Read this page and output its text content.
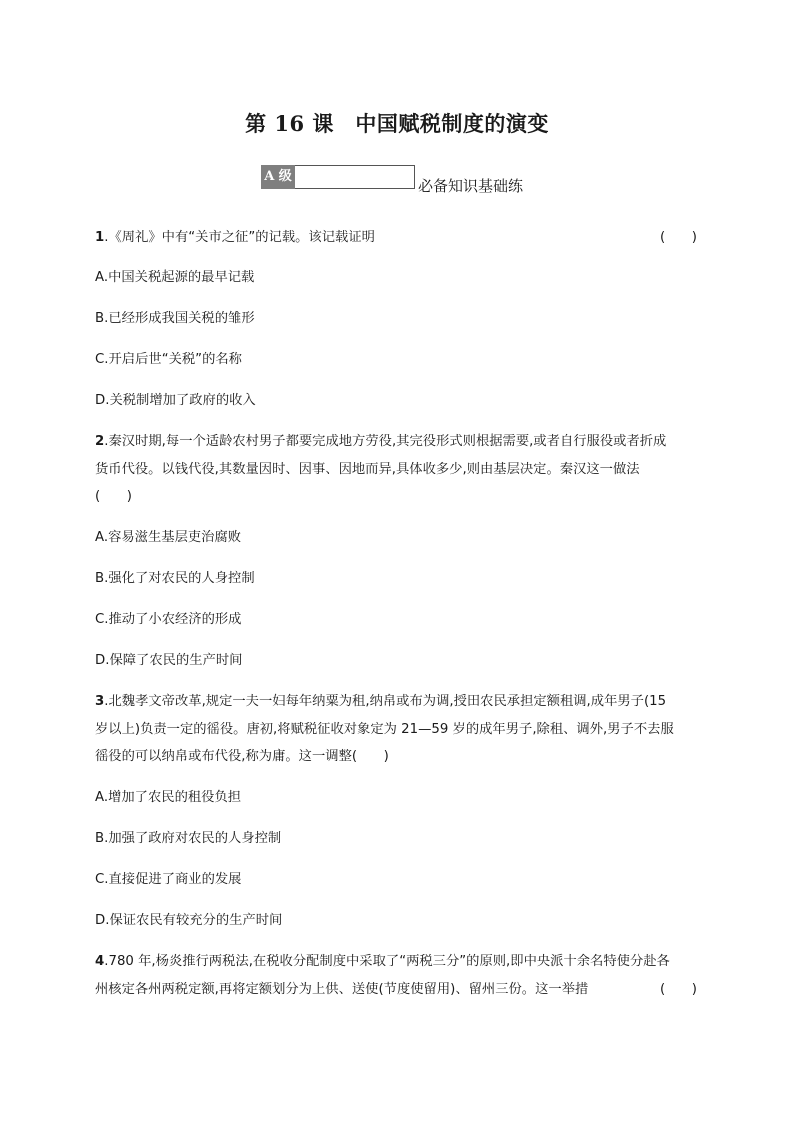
第 16 课　中国赋税制度的演变
A 级
必备知识基础练
1.《周礼》中有“关市之征”的记载。该记载证明	(　　)
A.中国关税起源的最早记载
B.已经形成我国关税的雏形
C.开启后世“关税”的名称
D.关税制增加了政府的收入
2.秦汉时期,每一个适龄农村男子都要完成地方劳役,其完役形式则根据需要,或者自行服役或者折成
货币代役。以钱代役,其数量因时、因事、因地而异,具体收多少,则由基层决定。秦汉这一做法
(　　)
A.容易滋生基层吏治腐败
B.强化了对农民的人身控制
C.推动了小农经济的形成
D.保障了农民的生产时间
3.北魏孝文帝改革,规定一夫一妇每年纳粟为租,纳帛或布为调,授田农民承担定额租调,成年男子(15
岁以上)负责一定的徭役。唐初,将赋税征收对象定为 21—59 岁的成年男子,除租、调外,男子不去服
徭役的可以纳帛或布代役,称为庸。这一调整(　　)
A.增加了农民的租役负担
B.加强了政府对农民的人身控制
C.直接促进了商业的发展
D.保证农民有较充分的生产时间
4.780 年,杨炎推行两税法,在税收分配制度中采取了“两税三分”的原则,即中央派十余名特使分赴各
州核定各州两税定额,再将定额划分为上供、送使(节度使留用)、留州三份。这一举措	(　　)
